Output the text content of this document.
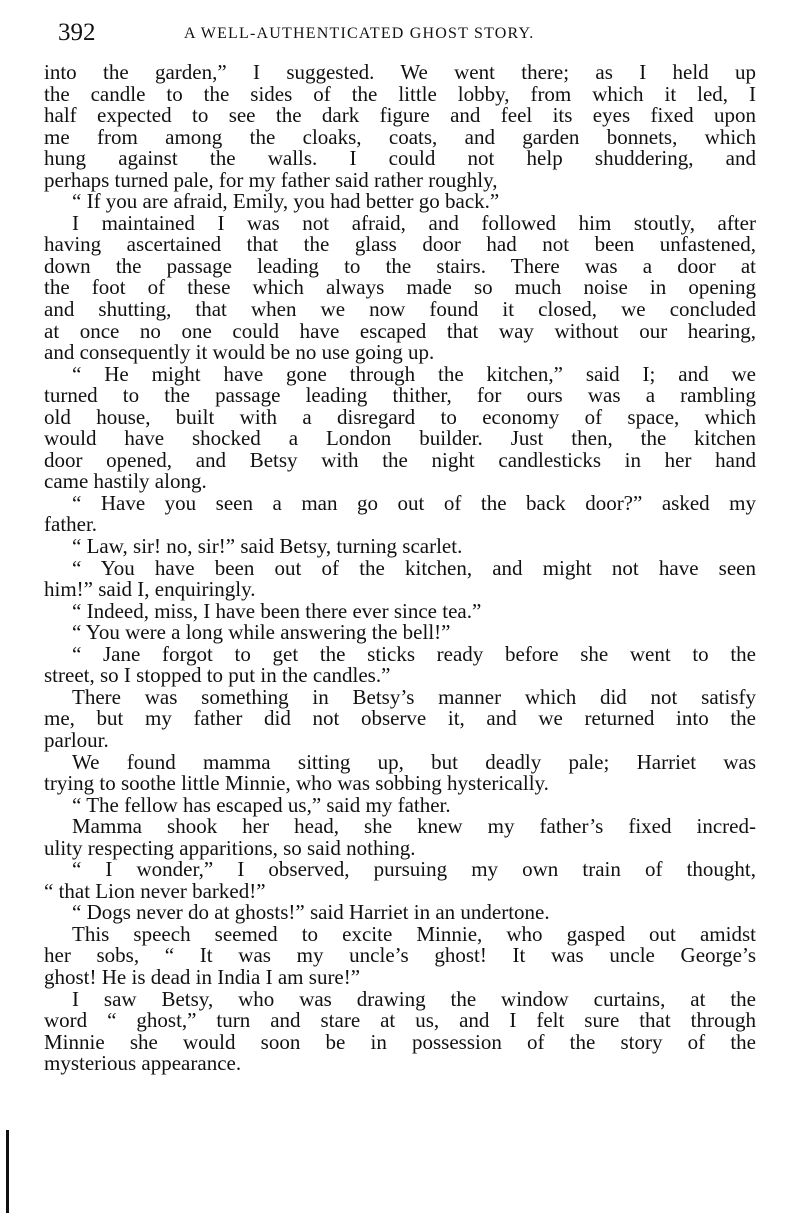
392	A WELL-AUTHENTICATED GHOST STORY.
into the garden,” I suggested. We went there; as I held up
the candle to the sides of the little lobby, from which it led, I
half expected to see the dark figure and feel its eyes fixed upon
me from among the cloaks, coats, and garden bonnets, which
hung against the walls. I could not help shuddering, and
perhaps turned pale, for my father said rather roughly,
“ If you are afraid, Emily, you had better go back.”
I maintained I was not afraid, and followed him stoutly, after
having ascertained that the glass door had not been unfastened,
down the passage leading to the stairs. There was a door at
the foot of these which always made so much noise in opening
and shutting, that when we now found it closed, we concluded
at once no one could have escaped that way without our hearing,
and consequently it would be no use going up.
“ He might have gone through the kitchen,” said I; and we
turned to the passage leading thither, for ours was a rambling
old house, built with a disregard to economy of space, which
would have shocked a London builder. Just then, the kitchen
door opened, and Betsy with the night candlesticks in her hand
came hastily along.
“ Have you seen a man go out of the back door?” asked my
father.
“ Law, sir! no, sir!” said Betsy, turning scarlet.
“ You have been out of the kitchen, and might not have seen
him!” said I, enquiringly.
“ Indeed, miss, I have been there ever since tea.”
“ You were a long while answering the bell!”
“ Jane forgot to get the sticks ready before she went to the
street, so I stopped to put in the candles.”
There was something in Betsy’s manner which did not satisfy
me, but my father did not observe it, and we returned into the
parlour.
We found mamma sitting up, but deadly pale; Harriet was
trying to soothe little Minnie, who was sobbing hysterically.
“ The fellow has escaped us,” said my father.
Mamma shook her head, she knew my father’s fixed incred-
ulity respecting apparitions, so said nothing.
“ I wonder,” I observed, pursuing my own train of thought,
“ that Lion never barked!”
“ Dogs never do at ghosts!” said Harriet in an undertone.
This speech seemed to excite Minnie, who gasped out amidst
her sobs, “ It was my uncle’s ghost! It was uncle George’s
ghost! He is dead in India I am sure!”
I saw Betsy, who was drawing the window curtains, at the
word “ ghost,” turn and stare at us, and I felt sure that through
Minnie she would soon be in possession of the story of the
mysterious appearance.
